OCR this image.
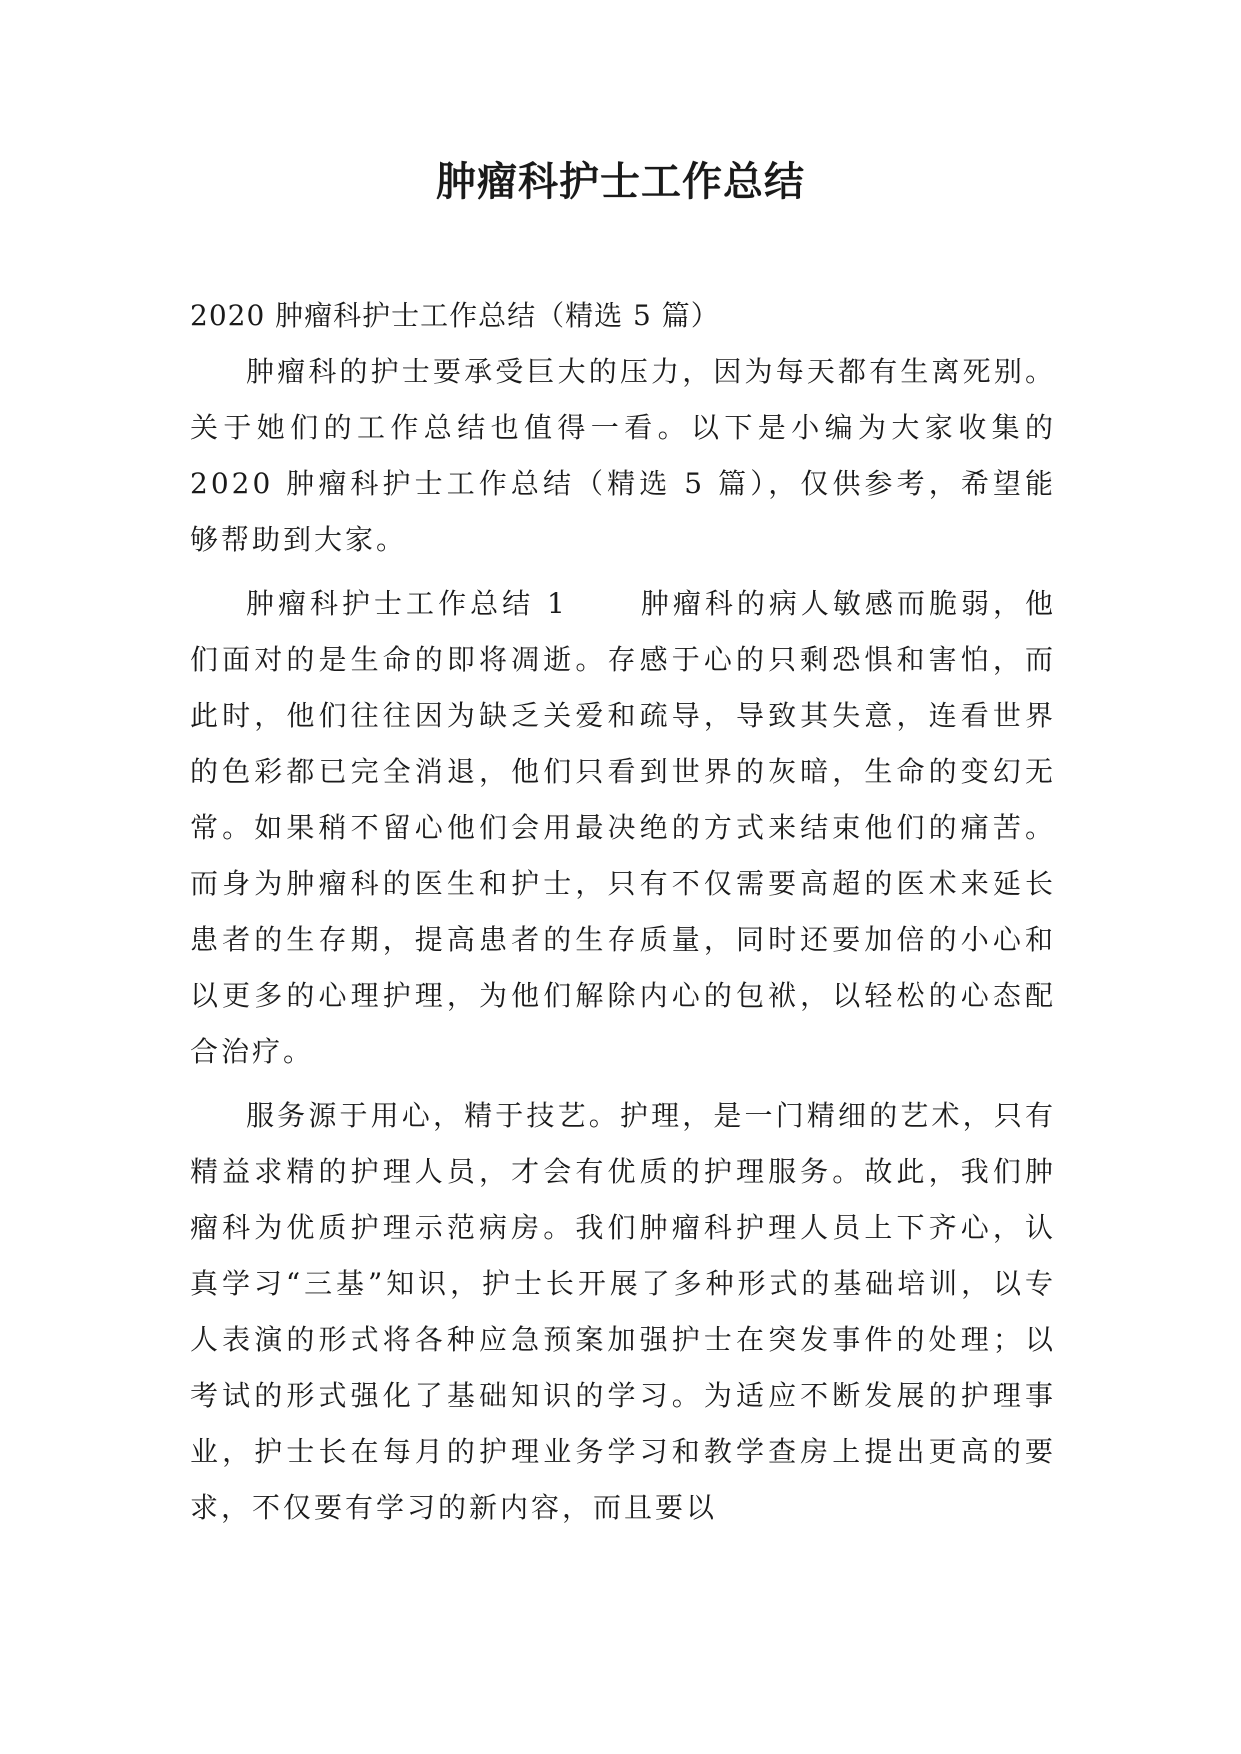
肿瘤科护士工作总结

2020 肿瘤科护士工作总结（精选 5 篇）

肿瘤科的护士要承受巨大的压力，因为每天都有生离死别。关于她们的工作总结也值得一看。以下是小编为大家收集的 2020 肿瘤科护士工作总结（精选 5 篇），仅供参考，希望能够帮助到大家。

肿瘤科护士工作总结 1	肿瘤科的病人敏感而脆弱，他们面对的是生命的即将凋逝。存感于心的只剩恐惧和害怕，而此时，他们往往因为缺乏关爱和疏导，导致其失意，连看世界的色彩都已完全消退，他们只看到世界的灰暗，生命的变幻无常。如果稍不留心他们会用最决绝的方式来结束他们的痛苦。而身为肿瘤科的医生和护士，只有不仅需要高超的医术来延长患者的生存期，提高患者的生存质量，同时还要加倍的小心和以更多的心理护理，为他们解除内心的包袱，以轻松的心态配合治疗。

服务源于用心，精于技艺。护理，是一门精细的艺术，只有精益求精的护理人员，才会有优质的护理服务。故此，我们肿瘤科为优质护理示范病房。我们肿瘤科护理人员上下齐心，认真学习“三基”知识，护士长开展了多种形式的基础培训，以专人表演的形式将各种应急预案加强护士在突发事件的处理；以考试的形式强化了基础知识的学习。为适应不断发展的护理事业，护士长在每月的护理业务学习和教学查房上提出更高的要求，不仅要有学习的新内容，而且要以
